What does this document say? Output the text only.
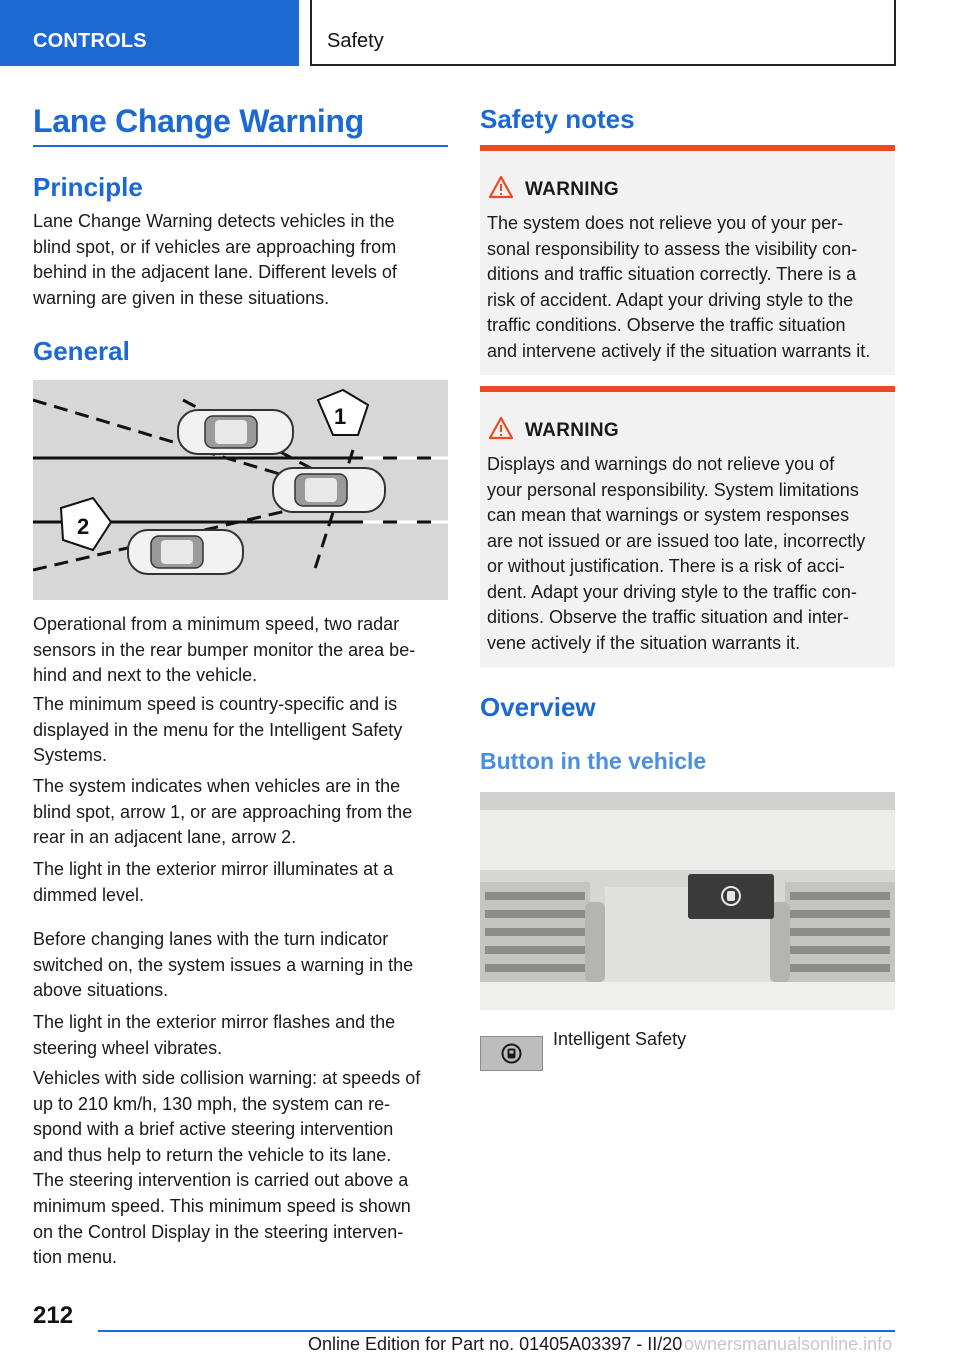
CONTROLS	Safety
Lane Change Warning
Principle
Lane Change Warning detects vehicles in the
blind spot, or if vehicles are approaching from
behind in the adjacent lane. Different levels of
warning are given in these situations.
General
Operational from a minimum speed, two radar
sensors in the rear bumper monitor the area be‐
hind and next to the vehicle.
The minimum speed is country-specific and is
displayed in the menu for the Intelligent Safety
Systems.
The system indicates when vehicles are in the
blind spot, arrow 1, or are approaching from the
rear in an adjacent lane, arrow 2.
The light in the exterior mirror illuminates at a
dimmed level.
Before changing lanes with the turn indicator
switched on, the system issues a warning in the
above situations.
The light in the exterior mirror flashes and the
steering wheel vibrates.
Vehicles with side collision warning: at speeds of
up to 210 km/h, 130 mph, the system can re‐
spond with a brief active steering intervention
and thus help to return the vehicle to its lane.
The steering intervention is carried out above a
minimum speed. This minimum speed is shown
on the Control Display in the steering interven‐
tion menu.
1
2
Safety notes
Overview
Button in the vehicle
WARNING
The system does not relieve you of your per‐
sonal responsibility to assess the visibility con‐
ditions and traffic situation correctly. There is a
risk of accident. Adapt your driving style to the
traffic conditions. Observe the traffic situation
and intervene actively if the situation warrants it.
WARNING
Displays and warnings do not relieve you of
your personal responsibility. System limitations
can mean that warnings or system responses
are not issued or are issued too late, incorrectly
or without justification. There is a risk of acci‐
dent. Adapt your driving style to the traffic con‐
ditions. Observe the traffic situation and inter‐
vene actively if the situation warrants it.
Intelligent Safety
212
Online Edition for Part no. 01405A03397 - II/20 ownersmanualsonline.info
